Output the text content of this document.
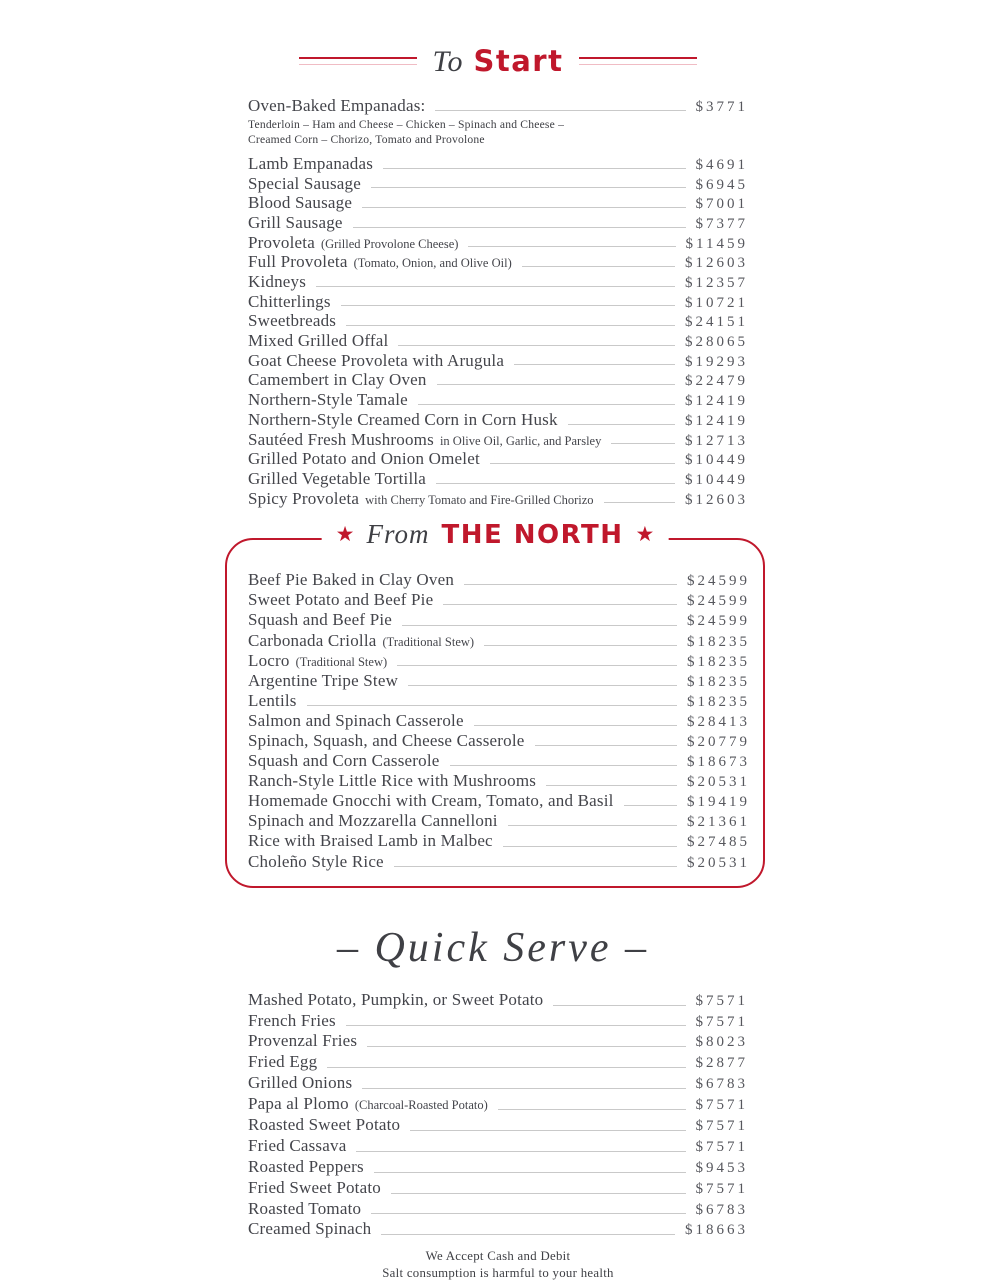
To Start
Oven-Baked Empanadas:	$3771
Tenderloin – Ham and Cheese – Chicken – Spinach and Cheese – Creamed Corn – Chorizo, Tomato and Provolone
Lamb Empanadas	$4691
Special Sausage	$6945
Blood Sausage	$7001
Grill Sausage	$7377
Provoleta (Grilled Provolone Cheese)	$11459
Full Provoleta (Tomato, Onion, and Olive Oil)	$12603
Kidneys	$12357
Chitterlings	$10721
Sweetbreads	$24151
Mixed Grilled Offal	$28065
Goat Cheese Provoleta with Arugula	$19293
Camembert in Clay Oven	$22479
Northern-Style Tamale	$12419
Northern-Style Creamed Corn in Corn Husk	$12419
Sautéed Fresh Mushrooms in Olive Oil, Garlic, and Parsley	$12713
Grilled Potato and Onion Omelet	$10449
Grilled Vegetable Tortilla	$10449
Spicy Provoleta with Cherry Tomato and Fire-Grilled Chorizo	$12603
★ From THE NORTH ★
Beef Pie Baked in Clay Oven	$24599
Sweet Potato and Beef Pie	$24599
Squash and Beef Pie	$24599
Carbonada Criolla (Traditional Stew)	$18235
Locro (Traditional Stew)	$18235
Argentine Tripe Stew	$18235
Lentils	$18235
Salmon and Spinach Casserole	$28413
Spinach, Squash, and Cheese Casserole	$20779
Squash and Corn Casserole	$18673
Ranch-Style Little Rice with Mushrooms	$20531
Homemade Gnocchi with Cream, Tomato, and Basil	$19419
Spinach and Mozzarella Cannelloni	$21361
Rice with Braised Lamb in Malbec	$27485
Choleño Style Rice	$20531
– Quick Serve –
Mashed Potato, Pumpkin, or Sweet Potato	$7571
French Fries	$7571
Provenzal Fries	$8023
Fried Egg	$2877
Grilled Onions	$6783
Papa al Plomo (Charcoal-Roasted Potato)	$7571
Roasted Sweet Potato	$7571
Fried Cassava	$7571
Roasted Peppers	$9453
Fried Sweet Potato	$7571
Roasted Tomato	$6783
Creamed Spinach	$18663
We Accept Cash and Debit
Salt consumption is harmful to your health
